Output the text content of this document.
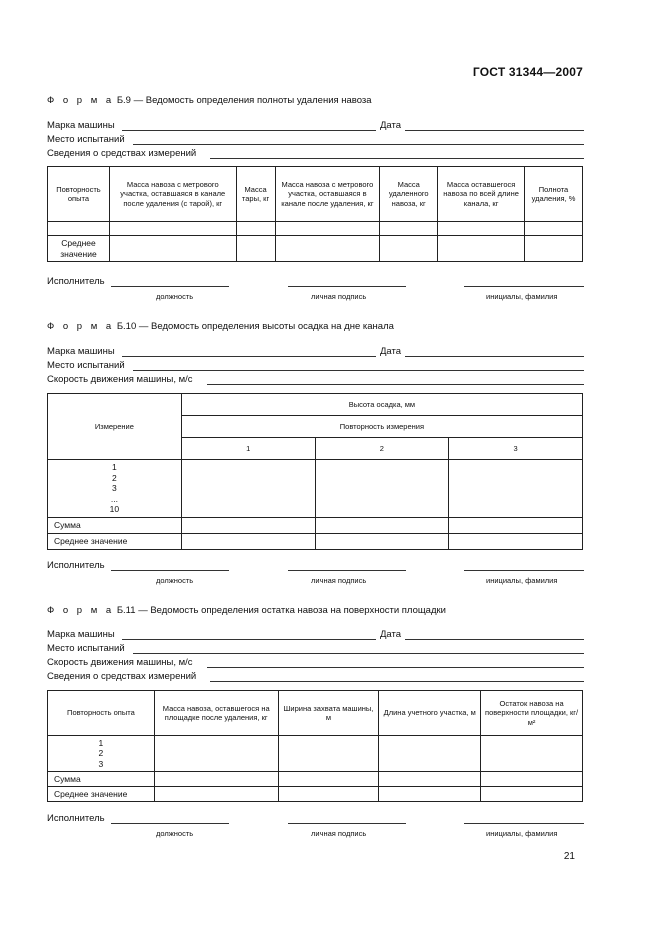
ГОСТ 31344—2007
Ф о р м а Б.9 — Ведомость определения полноты удаления навоза
Марка машины	Дата
Место испытаний
Сведения о средствах измерений
Повторность опыта	Масса навоза с метрового участка, оставшаяся в канале после удаления (с тарой), кг	Масса тары, кг	Масса навоза с метрового участка, оставшаяся в канале после удаления, кг	Масса удаленного навоза, кг	Масса оставшегося навоза по всей длине канала, кг	Полнота удаления, %

Среднее значение						
Исполнитель
должность	личная подпись	инициалы, фамилия
Ф о р м а Б.10 — Ведомость определения высоты осадка на дне канала
Марка машины	Дата
Место испытаний
Скорость движения машины, м/с
Измерение	Высота осадка, мм		
	Повторность измерения		
	1	2	3

1
2
3
...
10			

Сумма			
Среднее значение			
Исполнитель
должность	личная подпись	инициалы, фамилия
Ф о р м а Б.11 — Ведомость определения остатка навоза на поверхности площадки
Марка машины	Дата
Место испытаний
Скорость движения машины, м/с
Сведения о средствах измерений
Повторность опыта	Масса навоза, оставшегося на площадке после удаления, кг	Ширина захвата машины, м	Длина учетного участка, м	Остаток навоза на поверхности площадки, кг/м²

1
2
3				

Сумма				
Среднее значение				
Исполнитель
должность	личная подпись	инициалы, фамилия
21
